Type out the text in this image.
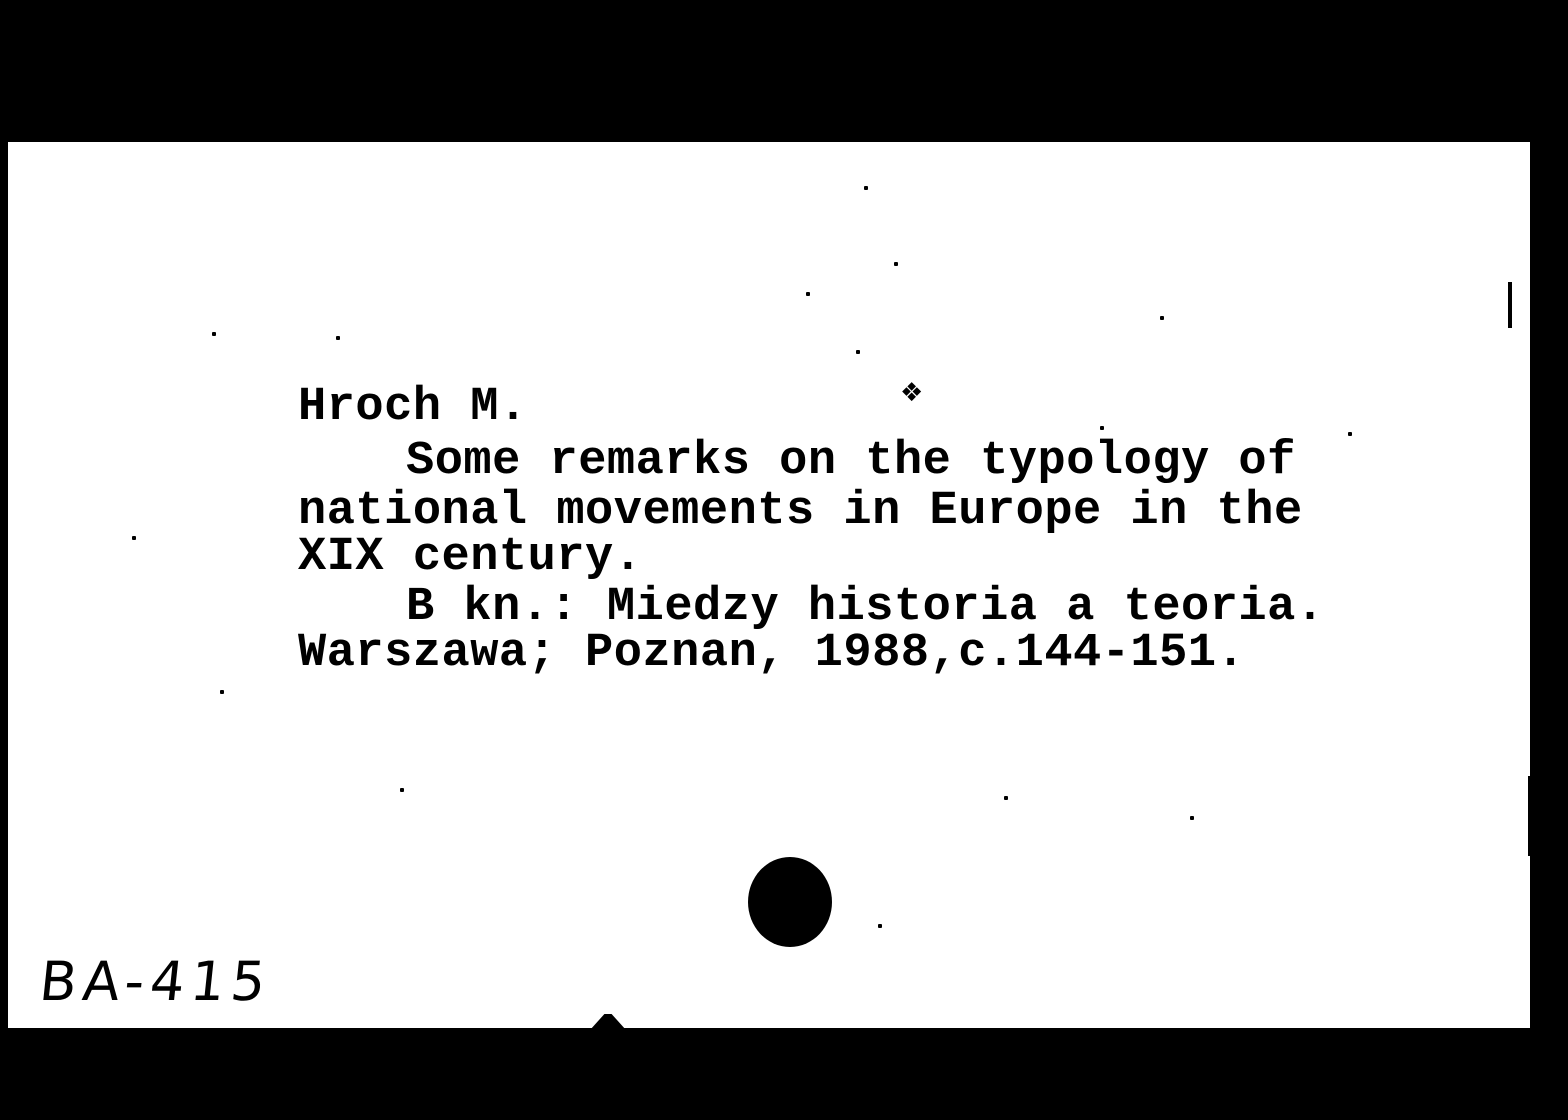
Hroch M.
Some remarks on the typology of
national movements in Europe in the
XIX century.
B kn.: Miedzy historia a teoria.
Warszawa; Poznan, 1988,c.144-151.
❖

BA-415
